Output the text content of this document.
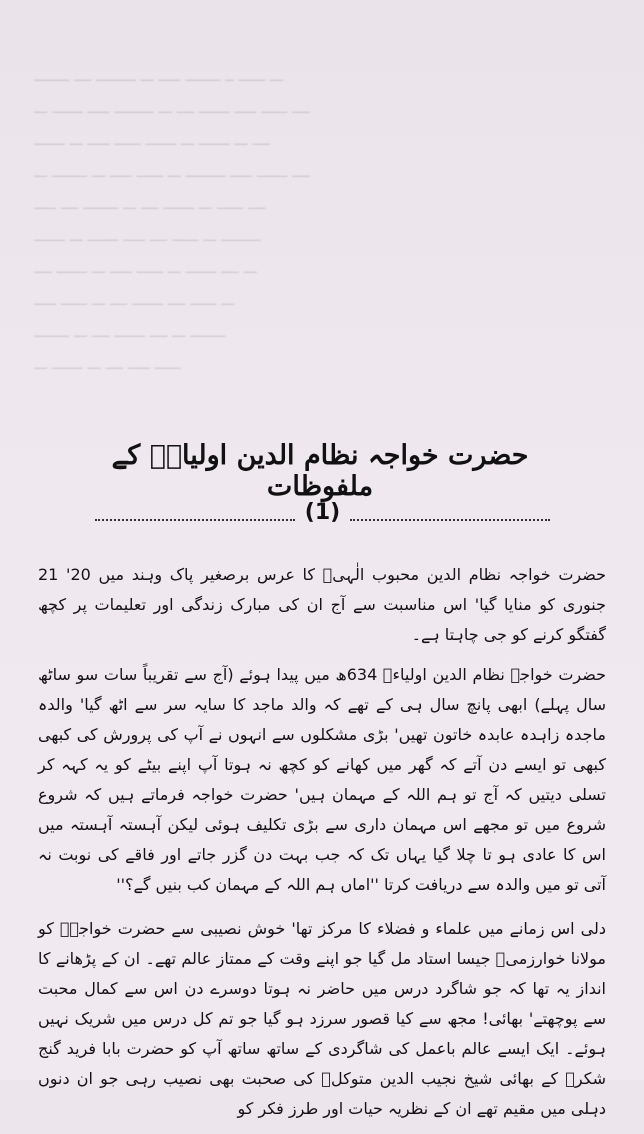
ــــــــ ــــ ـــــــــ ـــ ـــــ ــــــــ ــ ــــــ ـــ
ـــ ـــــــ ـــــ ـــــــــ ـــ ــــ ـــــــ ـــــ ــــــ ــــ
ـــــــ ـــ ـــــ ــــــ ـــــــ ـــ ـــــــ ـــ ــــ
ـــ ــــــــ ـــ ـــــ ــــــ ـــ ـــــــــ ـــــ ـــــــ ــــ
ـــــ ــــ ــــــــ ـــ ــــ ـــــــ ـــ ــــــ ــــ
ـــــــ ـــ ـــــــ ـــــ ــــ ــــــ ـــ ـــــــــ
ــــ ـــــــ ـــ ـــــ ــــــ ـــ ـــــــ ــــ ـــ
ـــــ ــــــ ـــ ــــ ـــــــ ــــ ــــــ ـــ
ــــــــ ـــ ــــ ـــــــ ــــ ـــ ــــــــ
ـــ ـــــــ ـــ ــــ ـــــ ــــــ
حضرت خواجہ نظام الدین اولیاءؒ کے ملفوظات
(1)

حضرت خواجہ نظام الدین محبوب الٰہیؒ کا عرس برصغیر پاک وہند میں 20' 21 جنوری کو منایا گیا' اس مناسبت سے آج ان کی مبارک زندگی اور تعلیمات پر کچھ گفتگو کرنے کو جی چاہتا ہے۔

حضرت خواجہ نظام الدین اولیاءؒ 634ھ میں پیدا ہوئے (آج سے تقریباً سات سو ساٹھ سال پہلے) ابھی پانچ سال ہی کے تھے کہ والد ماجد کا سایہ سر سے اٹھ گیا' والدہ ماجدہ زاہدہ عابدہ خاتون تھیں' بڑی مشکلوں سے انہوں نے آپ کی پرورش کی کبھی کبھی تو ایسے دن آتے کہ گھر میں کھانے کو کچھ نہ ہوتا آپ اپنے بیٹے کو یہ کہہ کر تسلی دیتیں کہ آج تو ہم اللہ کے مہمان ہیں' حضرت خواجہ فرماتے ہیں کہ شروع شروع میں تو مجھے اس مہمان داری سے بڑی تکلیف ہوئی لیکن آہستہ آہستہ میں اس کا عادی ہو تا چلا گیا یہاں تک کہ جب بہت دن گزر جاتے اور فاقے کی نوبت نہ آتی تو میں والدہ سے دریافت کرتا ''اماں ہم اللہ کے مہمان کب بنیں گے؟''

دلی اس زمانے میں علماء و فضلاء کا مرکز تھا' خوش نصیبی سے حضرت خواجہؒ کو مولانا خوارزمیؒ جیسا استاد مل گیا جو اپنے وقت کے ممتاز عالم تھے۔ ان کے پڑھانے کا انداز یہ تھا کہ جو شاگرد درس میں حاضر نہ ہوتا دوسرے دن اس سے کمال محبت سے پوچھتے' بھائی! مجھ سے کیا قصور سرزد ہو گیا جو تم کل درس میں شریک نہیں ہوئے۔ ایک ایسے عالم باعمل کی شاگردی کے ساتھ ساتھ آپ کو حضرت بابا فرید گنج شکرؒ کے بھائی شیخ نجیب الدین متوکلؒ کی صحبت بھی نصیب رہی جو ان دنوں دہلی میں مقیم تھے ان کے نظریہ حیات اور طرز فکر کو
